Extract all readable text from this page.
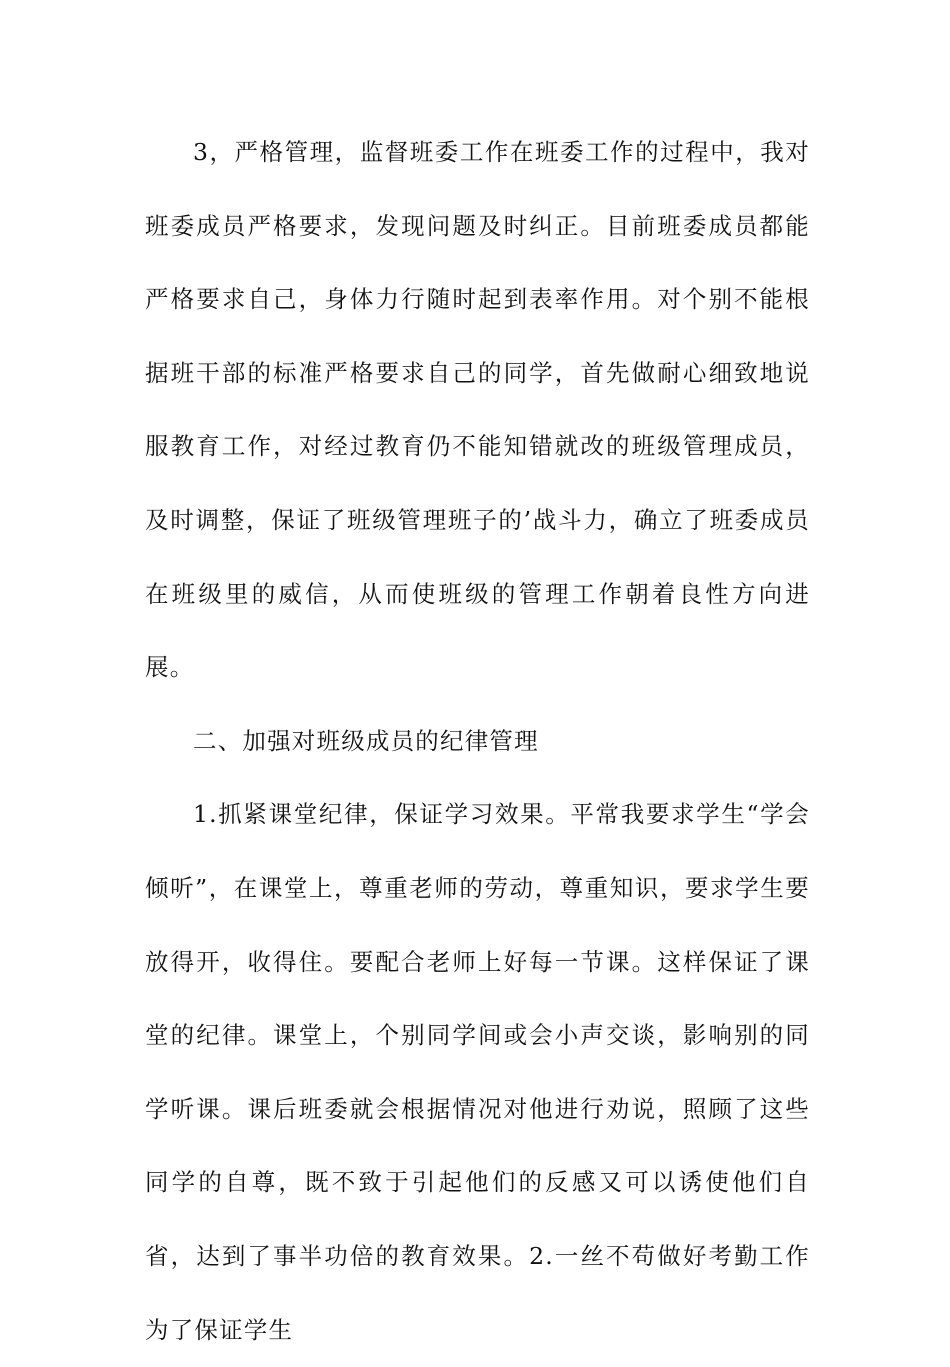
3，严格管理，监督班委工作在班委工作的过程中，我对班委成员严格要求，发现问题及时纠正。目前班委成员都能严格要求自己，身体力行随时起到表率作用。对个别不能根据班干部的标准严格要求自己的同学，首先做耐心细致地说服教育工作，对经过教育仍不能知错就改的班级管理成员，及时调整，保证了班级管理班子的’战斗力，确立了班委成员在班级里的威信，从而使班级的管理工作朝着良性方向进展。

二、加强对班级成员的纪律管理

1.抓紧课堂纪律，保证学习效果。平常我要求学生“学会倾听”，在课堂上，尊重老师的劳动，尊重知识，要求学生要放得开，收得住。要配合老师上好每一节课。这样保证了课堂的纪律。课堂上，个别同学间或会小声交谈，影响别的同学听课。课后班委就会根据情况对他进行劝说，照顾了这些同学的自尊，既不致于引起他们的反感又可以诱使他们自省，达到了事半功倍的教育效果。2.一丝不苟做好考勤工作为了保证学生
